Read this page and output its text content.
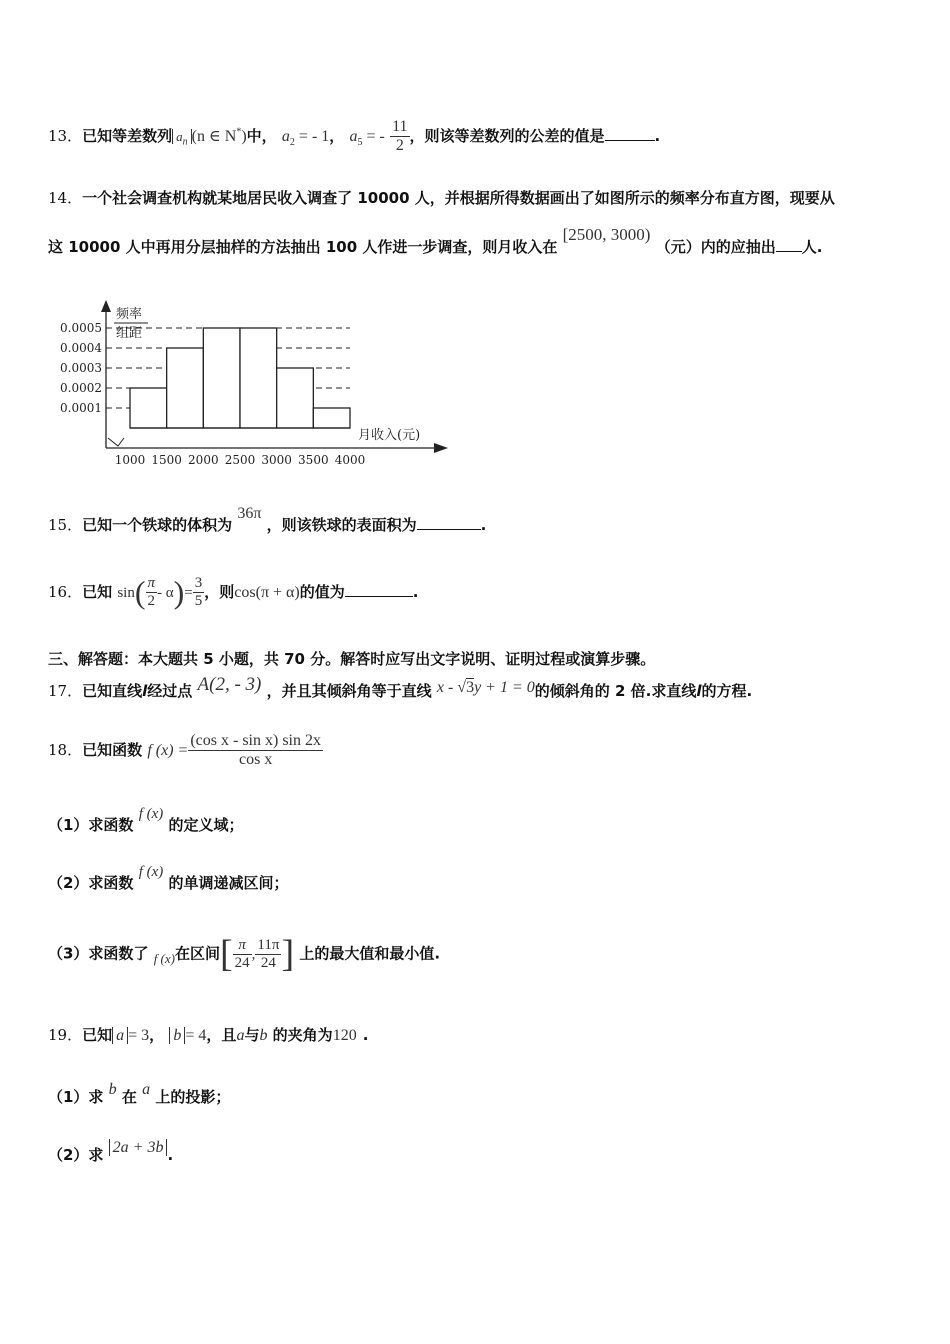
13．已知等差数列 $a_n$ (n ∈ N*)中， $a_2$ = - 1， $a_5$ = - $\frac{11}{2}$ ，则该等差数列的公差的值是	.
14．一个社会调查机构就某地居民收入调查了 10000 人，并根据所得数据画出了如图所示的频率分布直方图，现要从
这 10000 人中再用分层抽样的方法抽出 100 人作进一步调查，则月收入在 [2500, 3000) （元）内的应抽出 人.
频率
组距
月收入(元)
0.0001
0.0002
0.0003
0.0004
0.0005
1000 1500 2000 2500 3000 3500 4000
15．已知一个铁球的体积为 36π ，则该铁球的表面积为	.
16．已知 $\sin( \frac{\pi}{2} - \alpha)= \frac{3}{5}$ ，则cos(π + α)的值为	.
三、解答题：本大题共 5 小题，共 70 分。解答时应写出文字说明、证明过程或演算步骤。
17．已知直线l经过点 A(2, - 3) ，并且其倾斜角等于直线 x - √3y + 1 = 0的倾斜角的 2 倍.求直线l的方程.
18．已知函数 f $(x) = \frac{\text{(cos x - sin x) sin 2x}}{\text{cos x}}$
（1）求函数 f (x) 的定义域；
（2）求函数 f (x) 的单调递减区间；
（3）求函数了 f (x)在区间[ $\frac{\pi}{24}$ , $\frac{11\pi}{24}$ ] 上的最大值和最小值.
19．已知 a = 3， b = 4，且a与b 的夹角为120 .
（1）求 b 在 a 上的投影；
（2）求 2a + 3b .
